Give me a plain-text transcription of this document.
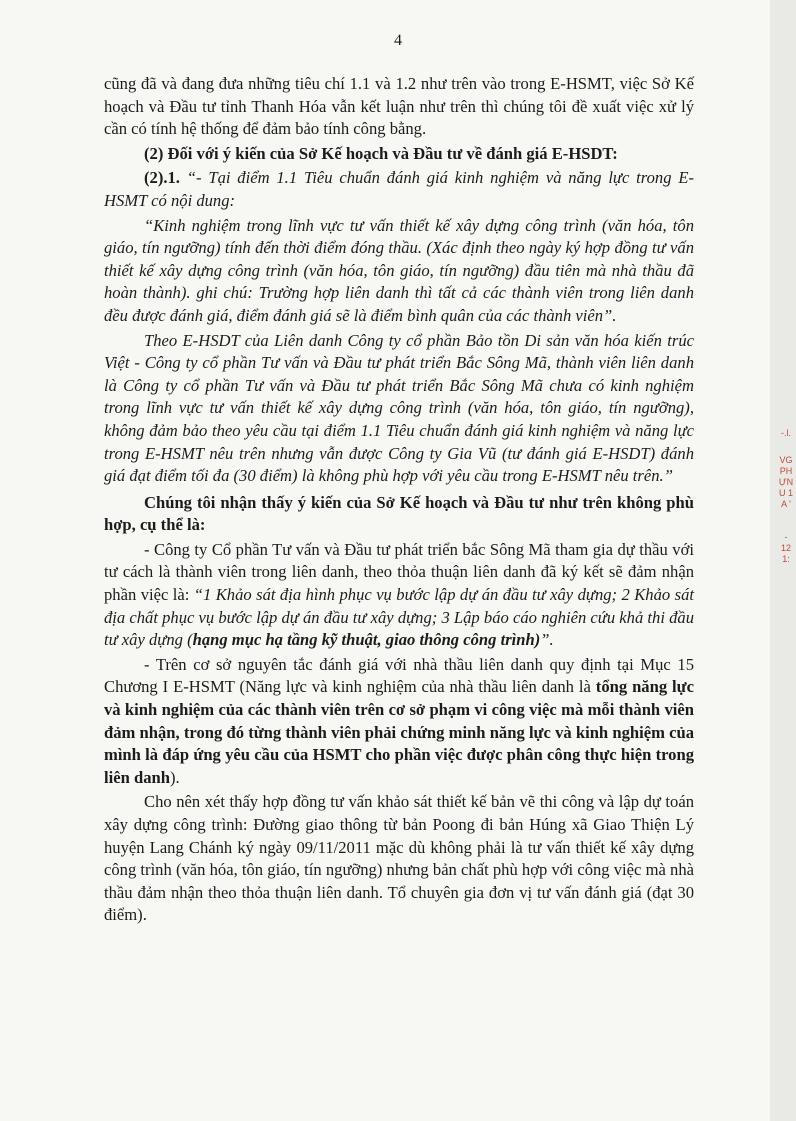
4

cũng đã và đang đưa những tiêu chí 1.1 và 1.2 như trên vào trong E-HSMT, việc Sở Kế hoạch và Đầu tư tỉnh Thanh Hóa vẫn kết luận như trên thì chúng tôi đề xuất việc xử lý cần có tính hệ thống để đảm bảo tính công bằng.

(2) Đối với ý kiến của Sở Kế hoạch và Đầu tư về đánh giá E-HSDT:

(2).1. “- Tại điểm 1.1 Tiêu chuẩn đánh giá kinh nghiệm và năng lực trong E-HSMT có nội dung:

“Kinh nghiệm trong lĩnh vực tư vấn thiết kế xây dựng công trình (văn hóa, tôn giáo, tín ngưỡng) tính đến thời điểm đóng thầu. (Xác định theo ngày ký hợp đồng tư vấn thiết kế xây dựng công trình (văn hóa, tôn giáo, tín ngưỡng) đầu tiên mà nhà thầu đã hoàn thành). ghi chú: Trường hợp liên danh thì tất cả các thành viên trong liên danh đều được đánh giá, điểm đánh giá sẽ là điểm bình quân của các thành viên”.

Theo E-HSDT của Liên danh Công ty cổ phần Bảo tồn Di sản văn hóa kiến trúc Việt - Công ty cổ phần Tư vấn và Đầu tư phát triển Bắc Sông Mã, thành viên liên danh là Công ty cổ phần Tư vấn và Đầu tư phát triển Bắc Sông Mã chưa có kinh nghiệm trong lĩnh vực tư vấn thiết kế xây dựng công trình (văn hóa, tôn giáo, tín ngưỡng), không đảm bảo theo yêu cầu tại điểm 1.1 Tiêu chuẩn đánh giá kinh nghiệm và năng lực trong E-HSMT nêu trên nhưng vẫn được Công ty Gia Vũ (tư đánh giá E-HSDT) đánh giá đạt điểm tối đa (30 điểm) là không phù hợp với yêu cầu trong E-HSMT nêu trên.”

Chúng tôi nhận thấy ý kiến của Sở Kế hoạch và Đầu tư như trên không phù hợp, cụ thể là:

- Công ty Cổ phần Tư vấn và Đầu tư phát triển bắc Sông Mã tham gia dự thầu với tư cách là thành viên trong liên danh, theo thỏa thuận liên danh đã ký kết sẽ đảm nhận phần việc là: “1 Khảo sát địa hình phục vụ bước lập dự án đầu tư xây dựng; 2 Khảo sát địa chất phục vụ bước lập dự án đầu tư xây dựng; 3 Lập báo cáo nghiên cứu khả thi đầu tư xây dựng (hạng mục hạ tầng kỹ thuật, giao thông công trình)”.

- Trên cơ sở nguyên tắc đánh giá với nhà thầu liên danh quy định tại Mục 15 Chương I E-HSMT (Năng lực và kinh nghiệm của nhà thầu liên danh là tổng năng lực và kinh nghiệm của các thành viên trên cơ sở phạm vi công việc mà mỗi thành viên đảm nhận, trong đó từng thành viên phải chứng minh năng lực và kinh nghiệm của mình là đáp ứng yêu cầu của HSMT cho phần việc được phân công thực hiện trong liên danh).

Cho nên xét thấy hợp đồng tư vấn khảo sát thiết kế bản vẽ thi công và lập dự toán xây dựng công trình: Đường giao thông từ bản Poong đi bản Húng xã Giao Thiện Lý huyện Lang Chánh ký ngày 09/11/2011 mặc dù không phải là tư vấn thiết kế xây dựng công trình (văn hóa, tôn giáo, tín ngưỡng) nhưng bản chất phù hợp với công việc mà nhà thầu đảm nhận theo thỏa thuận liên danh. Tổ chuyên gia đơn vị tư vấn đánh giá (đạt 30 điểm).

-.l.
VG
PH
ỰN
U 1
A '
-
12
1:
